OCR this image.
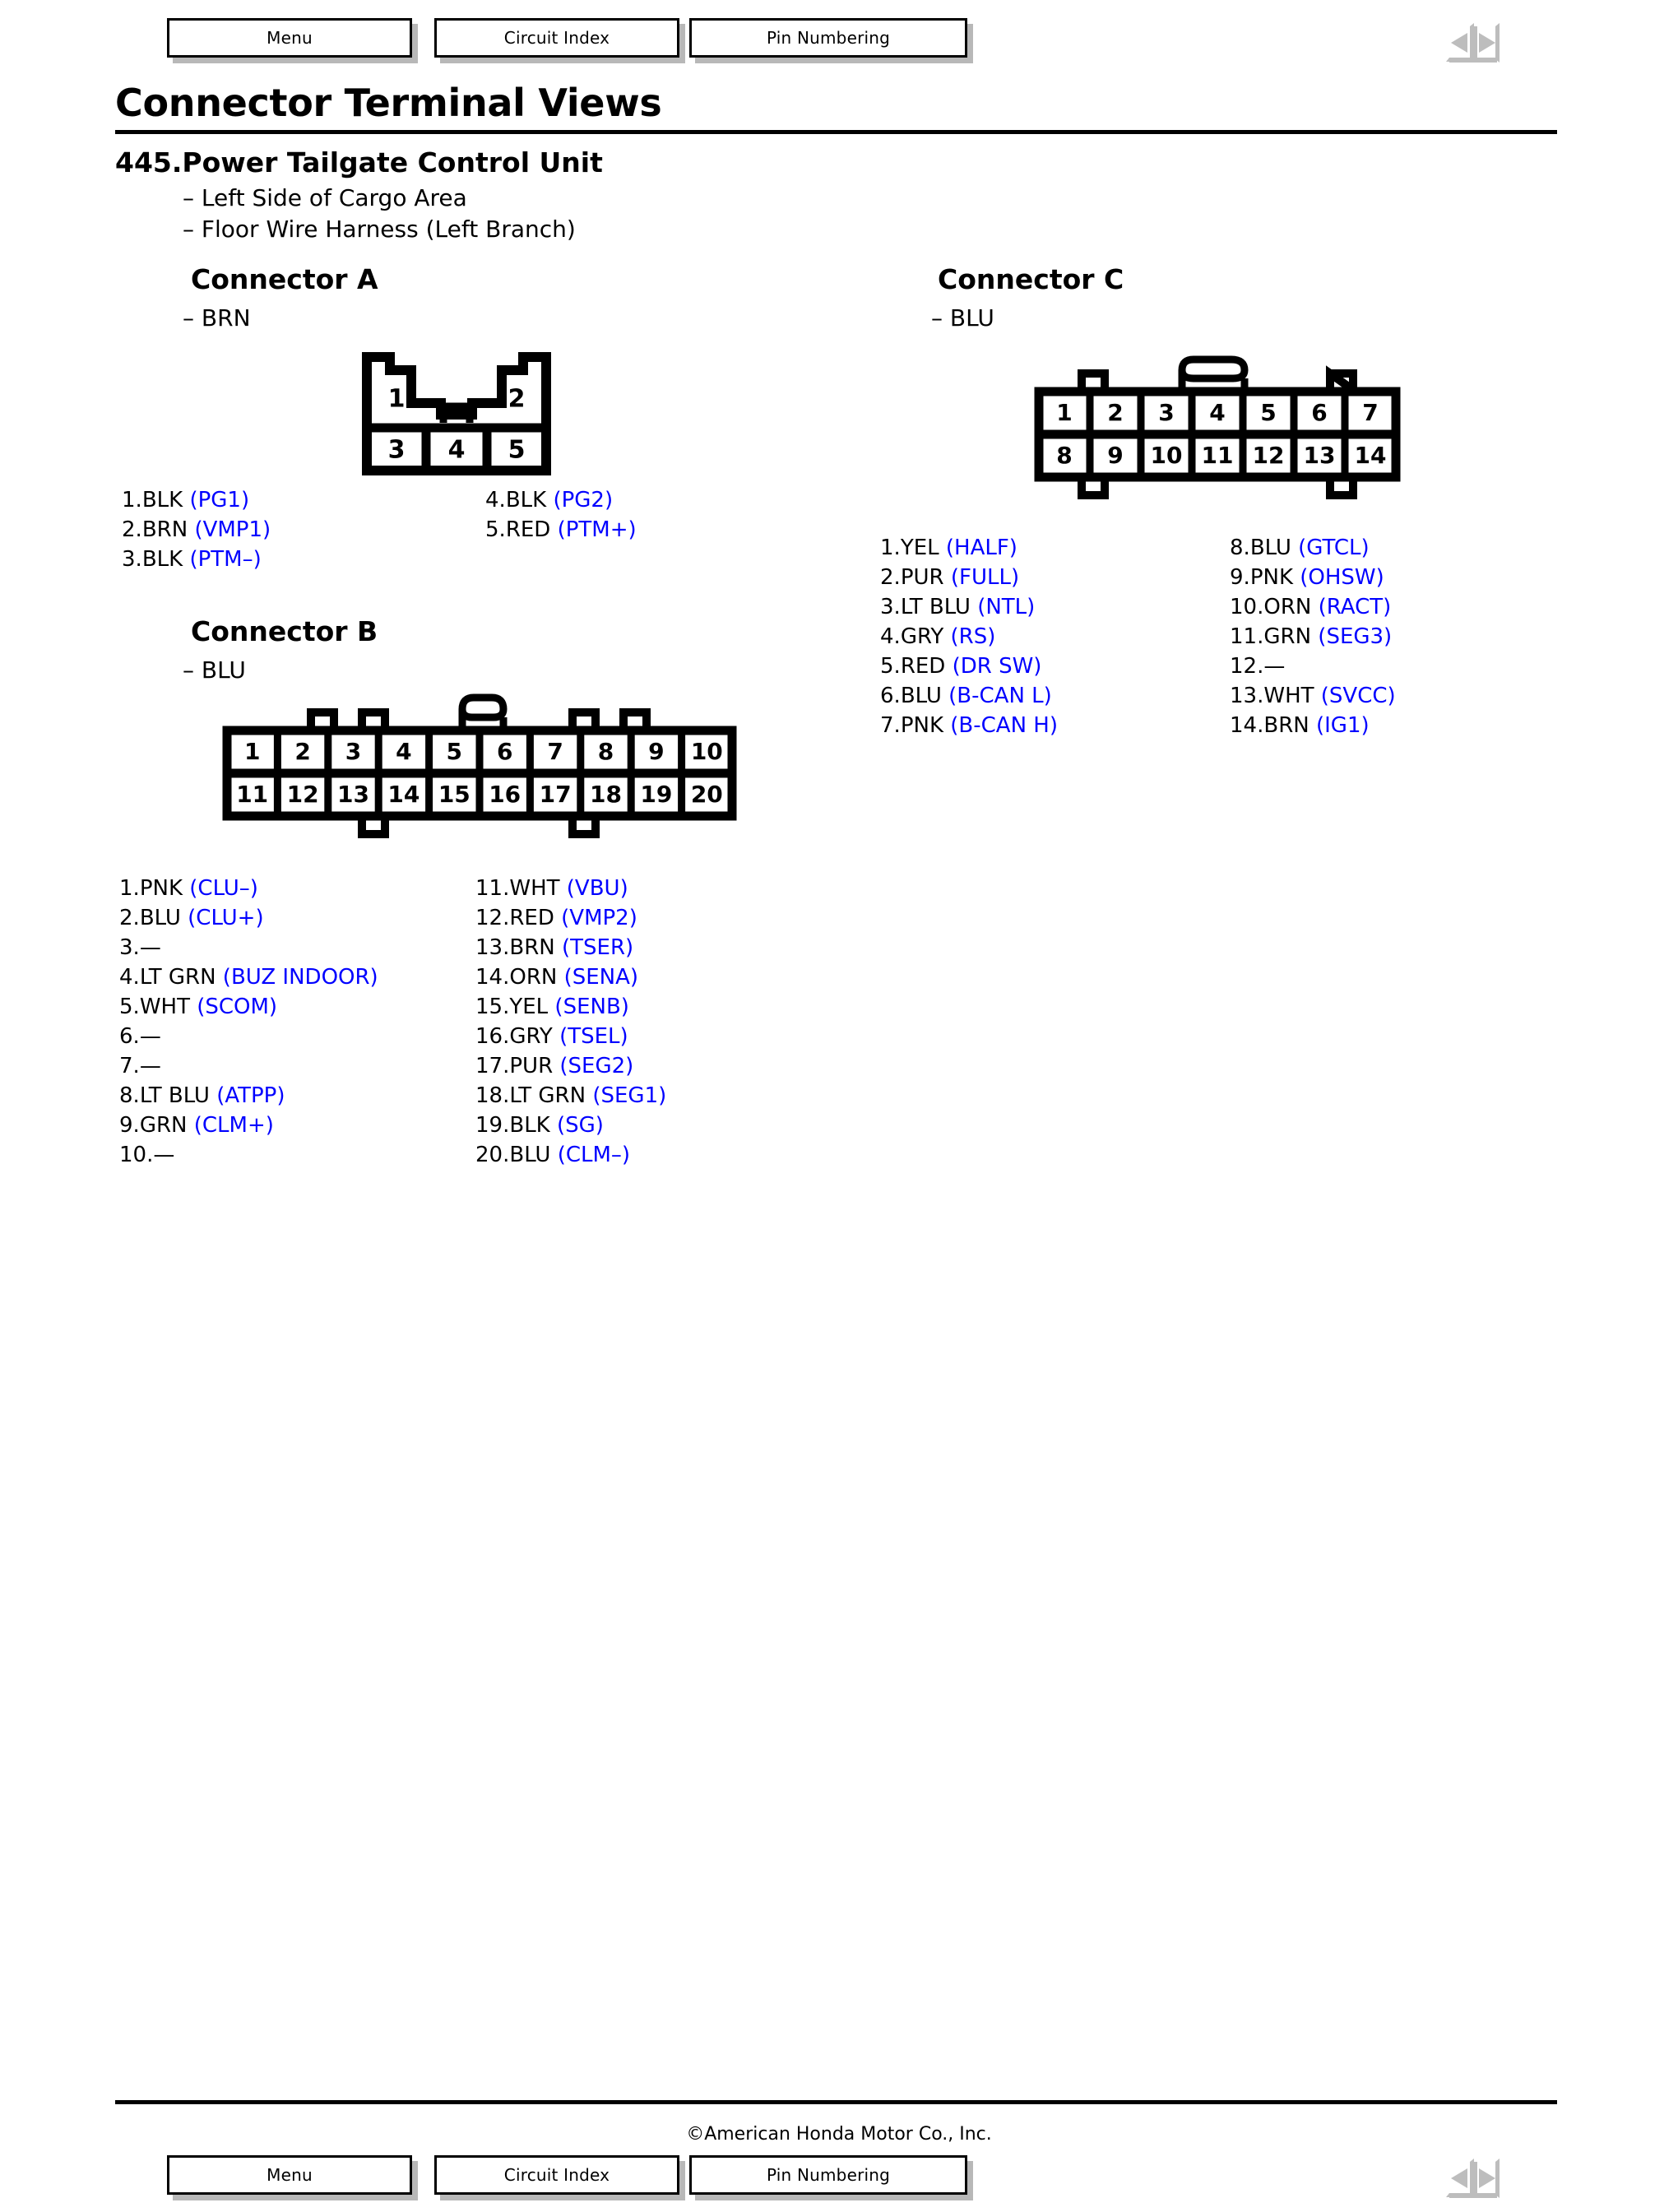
Menu	Circuit Index	Pin Numbering
Connector Terminal Views
445.Power Tailgate Control Unit
– Left Side of Cargo Area
– Floor Wire Harness (Left Branch)
Connector A
– BRN
1	2
3 4 5
1.BLK (PG1)
2.BRN (VMP1)
3.BLK (PTM–)
4.BLK (PG2)
5.RED (PTM+)
Connector B
– BLU
1 2 3 4 5 6 7 8 9 10
11 12 13 14 15 16 17 18 19 20
1.PNK (CLU–)
2.BLU (CLU+)
3.—
4.LT GRN (BUZ INDOOR)
5.WHT (SCOM)
6.—
7.—
8.LT BLU (ATPP)
9.GRN (CLM+)
10.—
11.WHT (VBU)
12.RED (VMP2)
13.BRN (TSER)
14.ORN (SENA)
15.YEL (SENB)
16.GRY (TSEL)
17.PUR (SEG2)
18.LT GRN (SEG1)
19.BLK (SG)
20.BLU (CLM–)
Connector C
– BLU
1 2 3 4 5 6 7
8 9 10 11 12 13 14
1.YEL (HALF)
2.PUR (FULL)
3.LT BLU (NTL)
4.GRY (RS)
5.RED (DR SW)
6.BLU (B-CAN L)
7.PNK (B-CAN H)
8.BLU (GTCL)
9.PNK (OHSW)
10.ORN (RACT)
11.GRN (SEG3)
12.—
13.WHT (SVCC)
14.BRN (IG1)
©American Honda Motor Co., Inc.
Menu	Circuit Index	Pin Numbering
